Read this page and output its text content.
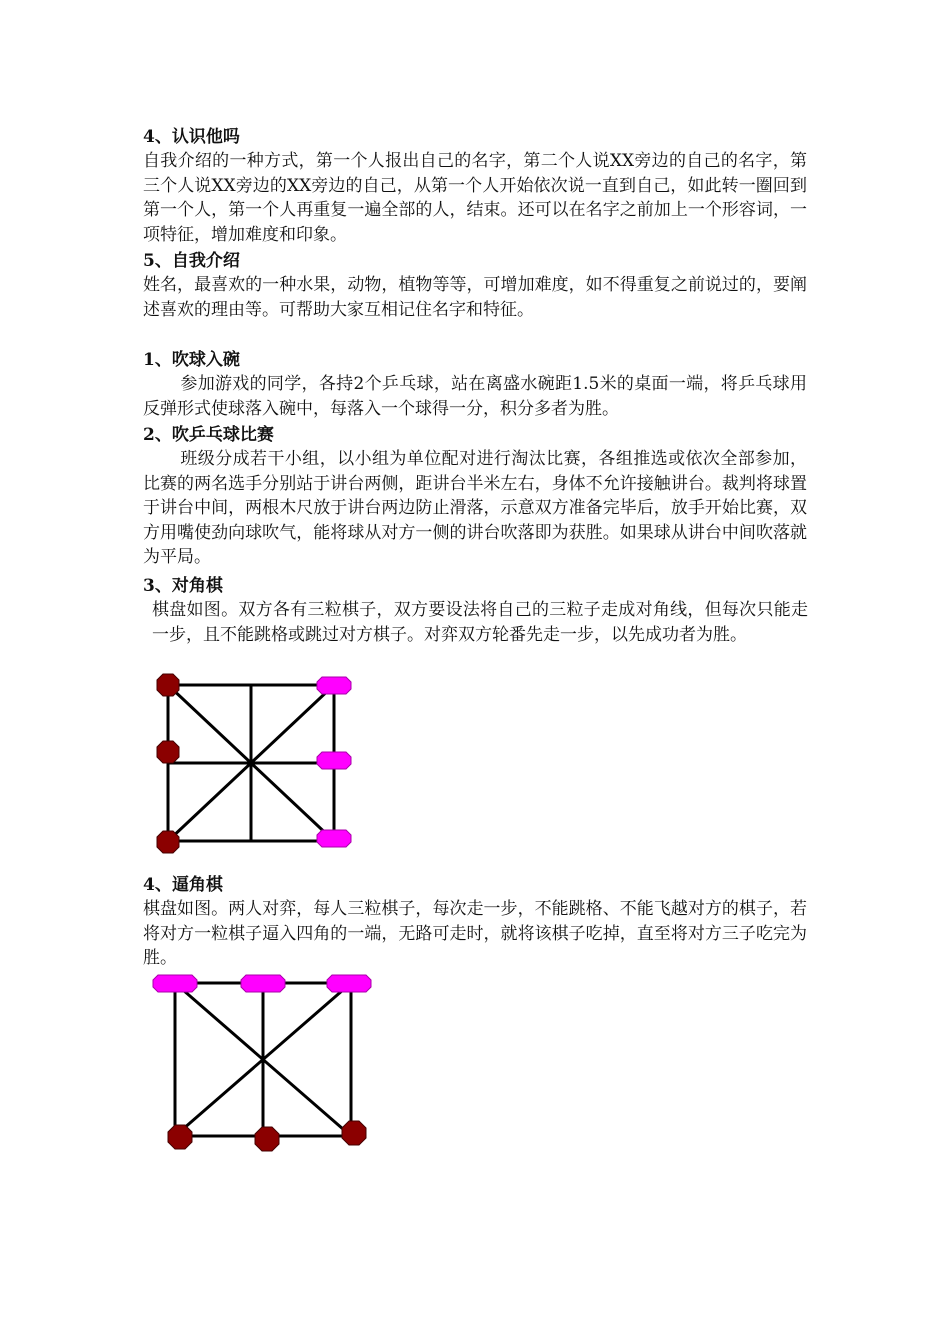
4、认识他吗
自我介绍的一种方式，第一个人报出自己的名字，第二个人说XX旁边的自己的名字，第三个人说XX旁边的XX旁边的自己，从第一个人开始依次说一直到自己，如此转一圈回到第一个人，第一个人再重复一遍全部的人，结束。还可以在名字之前加上一个形容词，一项特征，增加难度和印象。
5、自我介绍
姓名，最喜欢的一种水果，动物，植物等等，可增加难度，如不得重复之前说过的，要阐述喜欢的理由等。可帮助大家互相记住名字和特征。
1、吹球入碗
参加游戏的同学，各持2个乒乓球，站在离盛水碗距1.5米的桌面一端，将乒乓球用反弹形式使球落入碗中，每落入一个球得一分，积分多者为胜。
2、吹乒乓球比赛
班级分成若干小组，以小组为单位配对进行淘汰比赛，各组推选或依次全部参加，比赛的两名选手分别站于讲台两侧，距讲台半米左右，身体不允许接触讲台。裁判将球置于讲台中间，两根木尺放于讲台两边防止滑落，示意双方准备完毕后，放手开始比赛，双方用嘴使劲向球吹气，能将球从对方一侧的讲台吹落即为获胜。如果球从讲台中间吹落就为平局。
3、对角棋
棋盘如图。双方各有三粒棋子，双方要设法将自己的三粒子走成对角线，但每次只能走一步，且不能跳格或跳过对方棋子。对弈双方轮番先走一步，以先成功者为胜。
4、逼角棋
棋盘如图。两人对弈，每人三粒棋子，每次走一步，不能跳格、不能飞越对方的棋子，若将对方一粒棋子逼入四角的一端，无路可走时，就将该棋子吃掉，直至将对方三子吃完为胜。
